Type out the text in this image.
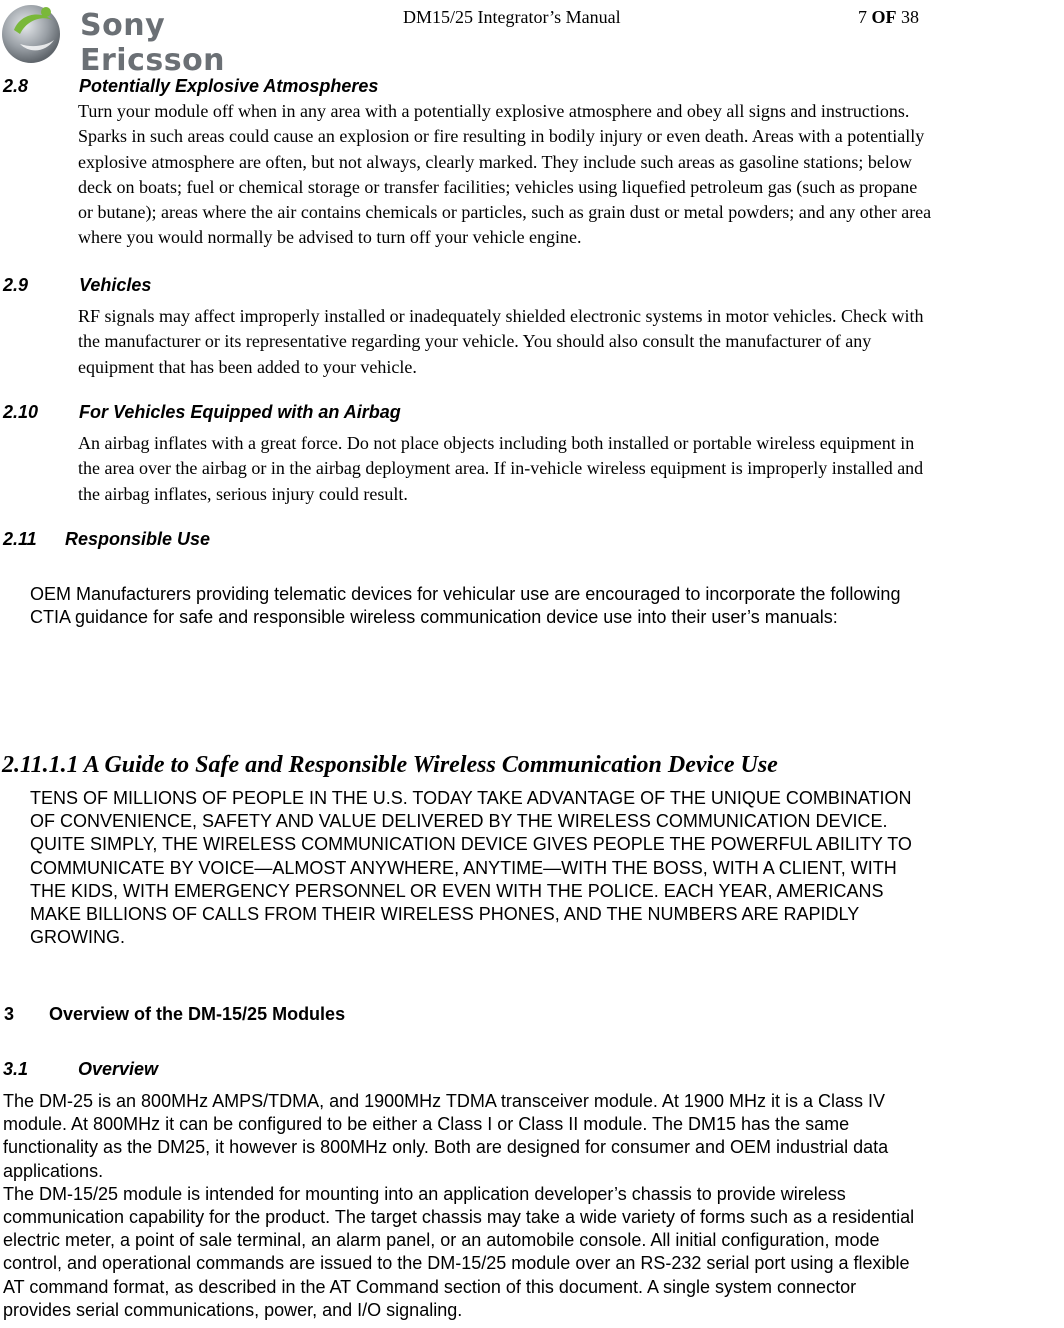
Sony Ericsson
DM15/25 Integrator’s Manual	7 OF 38
2.8	Potentially Explosive Atmospheres
Turn your module off when in any area with a potentially explosive atmosphere and obey all signs and instructions.
Sparks in such areas could cause an explosion or fire resulting in bodily injury or even death. Areas with a potentially
explosive atmosphere are often, but not always, clearly marked. They include such areas as gasoline stations; below
deck on boats; fuel or chemical storage or transfer facilities; vehicles using liquefied petroleum gas (such as propane
or butane); areas where the air contains chemicals or particles, such as grain dust or metal powders; and any other area
where you would normally be advised to turn off your vehicle engine.
2.9	Vehicles
RF signals may affect improperly installed or inadequately shielded electronic systems in motor vehicles. Check with
the manufacturer or its representative regarding your vehicle. You should also consult the manufacturer of any
equipment that has been added to your vehicle.
2.10 For Vehicles Equipped with an Airbag
An airbag inflates with a great force. Do not place objects including both installed or portable wireless equipment in
the area over the airbag or in the airbag deployment area. If in-vehicle wireless equipment is improperly installed and
the airbag inflates, serious injury could result.
2.11 Responsible Use
OEM Manufacturers providing telematic devices for vehicular use are encouraged to incorporate the following
CTIA guidance for safe and responsible wireless communication device use into their user’s manuals:
2.11.1.1 A Guide to Safe and Responsible Wireless Communication Device Use
TENS OF MILLIONS OF PEOPLE IN THE U.S. TODAY TAKE ADVANTAGE OF THE UNIQUE COMBINATION
OF CONVENIENCE, SAFETY AND VALUE DELIVERED BY THE WIRELESS COMMUNICATION DEVICE.
QUITE SIMPLY, THE WIRELESS COMMUNICATION DEVICE GIVES PEOPLE THE POWERFUL ABILITY TO
COMMUNICATE BY VOICE—ALMOST ANYWHERE, ANYTIME—WITH THE BOSS, WITH A CLIENT, WITH
THE KIDS, WITH EMERGENCY PERSONNEL OR EVEN WITH THE POLICE. EACH YEAR, AMERICANS
MAKE BILLIONS OF CALLS FROM THEIR WIRELESS PHONES, AND THE NUMBERS ARE RAPIDLY
GROWING.
3 Overview of the DM-15/25 Modules
3.1	Overview
The DM-25 is an 800MHz AMPS/TDMA, and 1900MHz TDMA transceiver module. At 1900 MHz it is a Class IV
module. At 800MHz it can be configured to be either a Class I or Class II module. The DM15 has the same
functionality as the DM25, it however is 800MHz only. Both are designed for consumer and OEM industrial data
applications.
The DM-15/25 module is intended for mounting into an application developer’s chassis to provide wireless
communication capability for the product. The target chassis may take a wide variety of forms such as a residential
electric meter, a point of sale terminal, an alarm panel, or an automobile console. All initial configuration, mode
control, and operational commands are issued to the DM-15/25 module over an RS-232 serial port using a flexible
AT command format, as described in the AT Command section of this document. A single system connector
provides serial communications, power, and I/O signaling.
